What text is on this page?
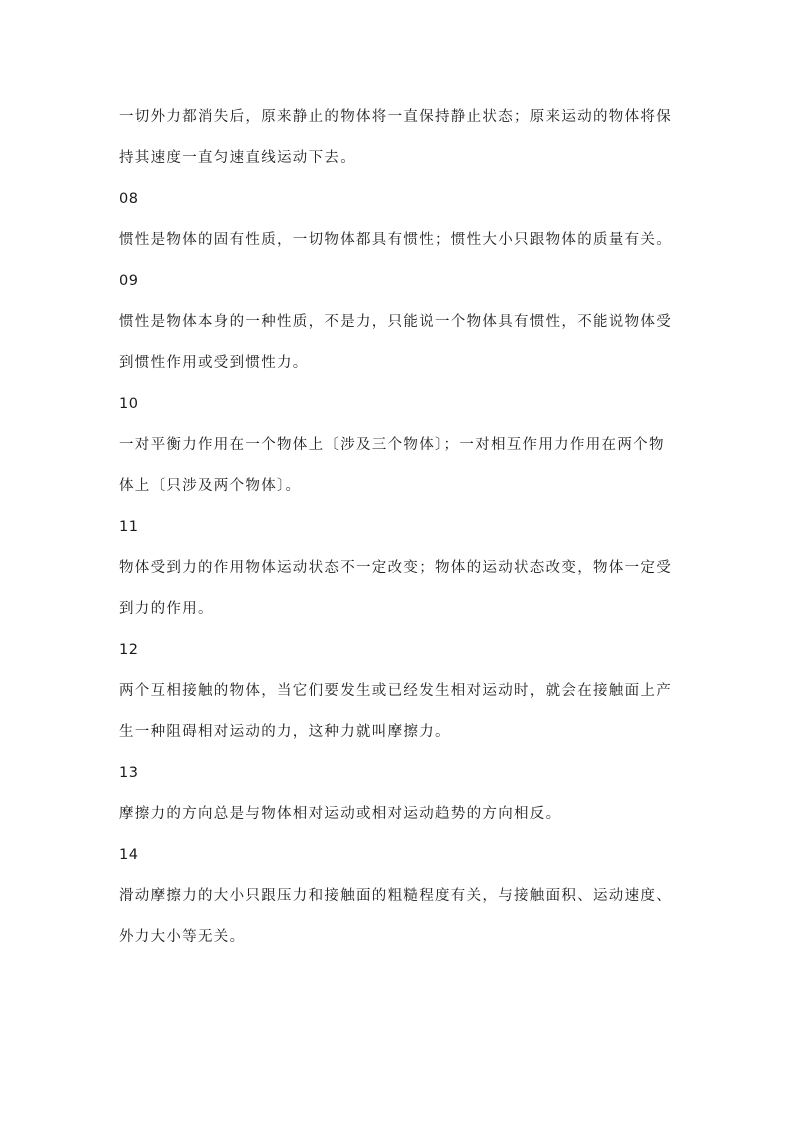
一切外力都消失后，原来静止的物体将一直保持静止状态；原来运动的物体将保持其速度一直匀速直线运动下去。

08

惯性是物体的固有性质，一切物体都具有惯性；惯性大小只跟物体的质量有关。

09

惯性是物体本身的一种性质，不是力，只能说一个物体具有惯性，不能说物体受到惯性作用或受到惯性力。

10

一对平衡力作用在一个物体上〔涉及三个物体〕；一对相互作用力作用在两个物体上〔只涉及两个物体〕。

11

物体受到力的作用物体运动状态不一定改变；物体的运动状态改变，物体一定受到力的作用。

12

两个互相接触的物体，当它们要发生或已经发生相对运动时，就会在接触面上产生一种阻碍相对运动的力，这种力就叫摩擦力。

13

摩擦力的方向总是与物体相对运动或相对运动趋势的方向相反。

14

滑动摩擦力的大小只跟压力和接触面的粗糙程度有关，与接触面积、运动速度、外力大小等无关。
